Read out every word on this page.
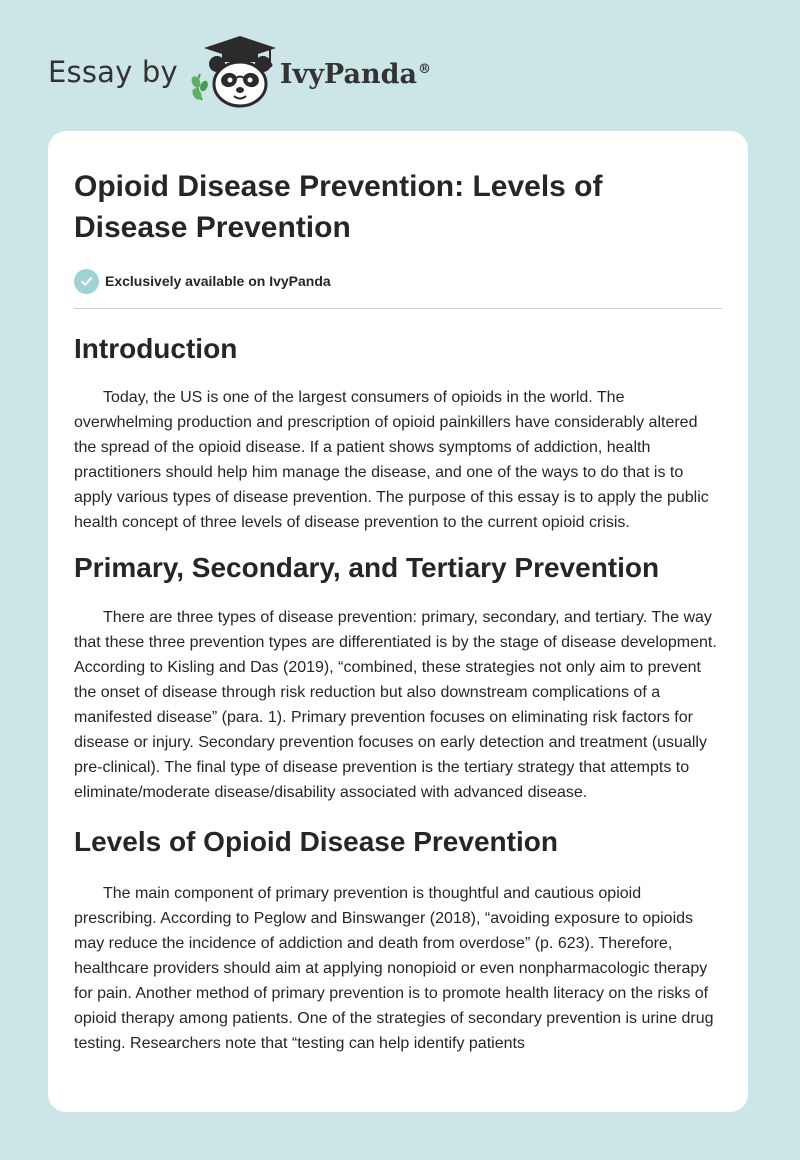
Essay by	IvyPanda®
Opioid Disease Prevention: Levels of Disease Prevention
Exclusively available on IvyPanda
Introduction

Today, the US is one of the largest consumers of opioids in the world. The overwhelming production and prescription of opioid painkillers have considerably altered the spread of the opioid disease. If a patient shows symptoms of addiction, health practitioners should help him manage the disease, and one of the ways to do that is to apply various types of disease prevention. The purpose of this essay is to apply the public health concept of three levels of disease prevention to the current opioid crisis.

Primary, Secondary, and Tertiary Prevention

There are three types of disease prevention: primary, secondary, and tertiary. The way that these three prevention types are differentiated is by the stage of disease development. According to Kisling and Das (2019), “combined, these strategies not only aim to prevent the onset of disease through risk reduction but also downstream complications of a manifested disease” (para. 1). Primary prevention focuses on eliminating risk factors for disease or injury. Secondary prevention focuses on early detection and treatment (usually pre-clinical). The final type of disease prevention is the tertiary strategy that attempts to eliminate/moderate disease/disability associated with advanced disease.

Levels of Opioid Disease Prevention

The main component of primary prevention is thoughtful and cautious opioid prescribing. According to Peglow and Binswanger (2018), “avoiding exposure to opioids may reduce the incidence of addiction and death from overdose” (p. 623). Therefore, healthcare providers should aim at applying nonopioid or even nonpharmacologic therapy for pain. Another method of primary prevention is to promote health literacy on the risks of opioid therapy among patients. One of the strategies of secondary prevention is urine drug testing. Researchers note that “testing can help identify patients
